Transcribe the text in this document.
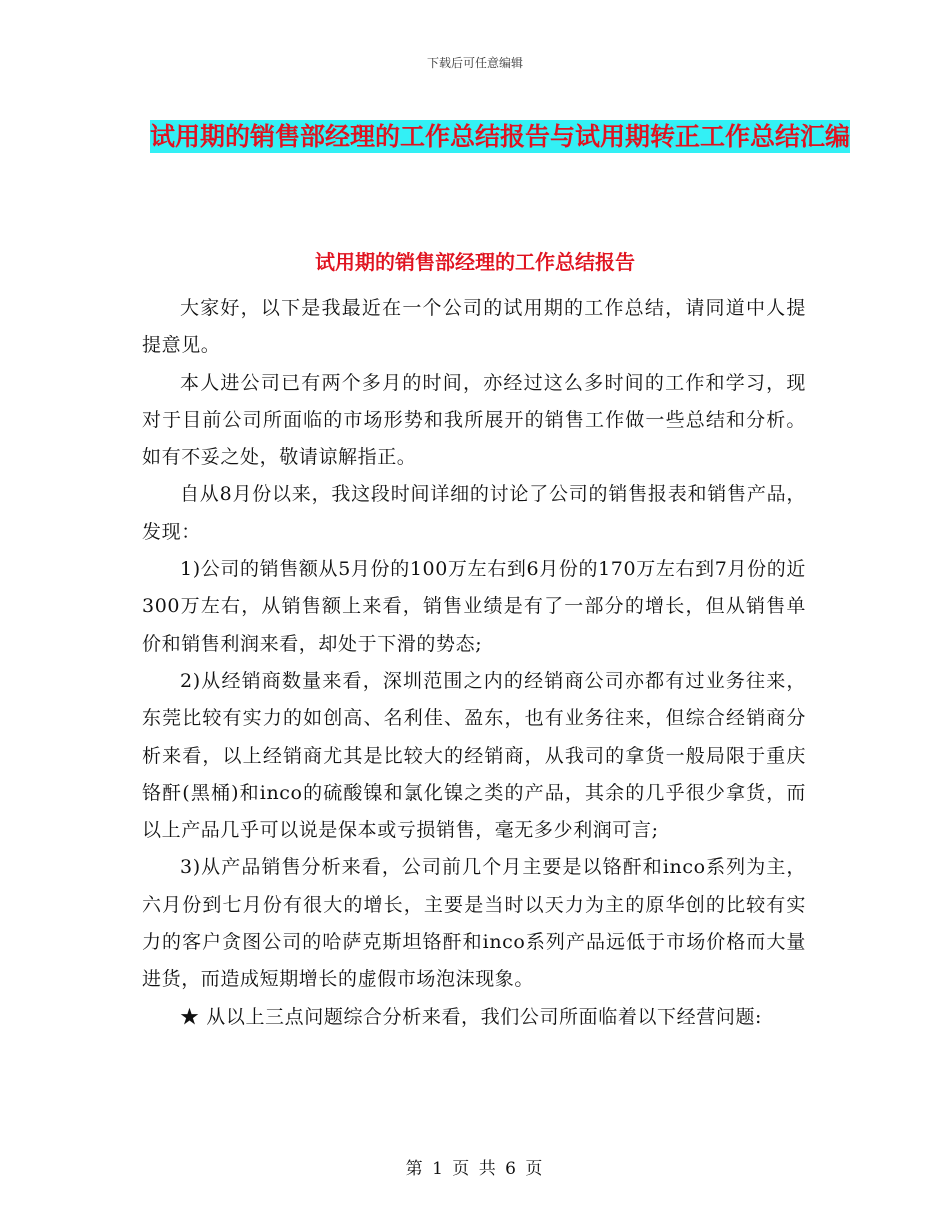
下载后可任意编辑
试用期的销售部经理的工作总结报告与试用期转正工作总结汇编
试用期的销售部经理的工作总结报告

大家好，以下是我最近在一个公司的试用期的工作总结，请同道中人提提意见。

本人进公司已有两个多月的时间，亦经过这么多时间的工作和学习，现对于目前公司所面临的市场形势和我所展开的销售工作做一些总结和分析。如有不妥之处，敬请谅解指正。

自从8月份以来，我这段时间详细的讨论了公司的销售报表和销售产品，发现：

1)公司的销售额从5月份的100万左右到6月份的170万左右到7月份的近300万左右，从销售额上来看，销售业绩是有了一部分的增长，但从销售单价和销售利润来看，却处于下滑的势态;

2)从经销商数量来看，深圳范围之内的经销商公司亦都有过业务往来，东莞比较有实力的如创高、名利佳、盈东，也有业务往来，但综合经销商分析来看，以上经销商尤其是比较大的经销商，从我司的拿货一般局限于重庆铬酐(黑桶)和inco的硫酸镍和氯化镍之类的产品，其余的几乎很少拿货，而以上产品几乎可以说是保本或亏损销售，毫无多少利润可言;

3)从产品销售分析来看，公司前几个月主要是以铬酐和inco系列为主，六月份到七月份有很大的增长，主要是当时以天力为主的原华创的比较有实力的客户贪图公司的哈萨克斯坦铬酐和inco系列产品远低于市场价格而大量进货，而造成短期增长的虚假市场泡沫现象。

★ 从以上三点问题综合分析来看，我们公司所面临着以下经营问题:

第 1 页 共 6 页
